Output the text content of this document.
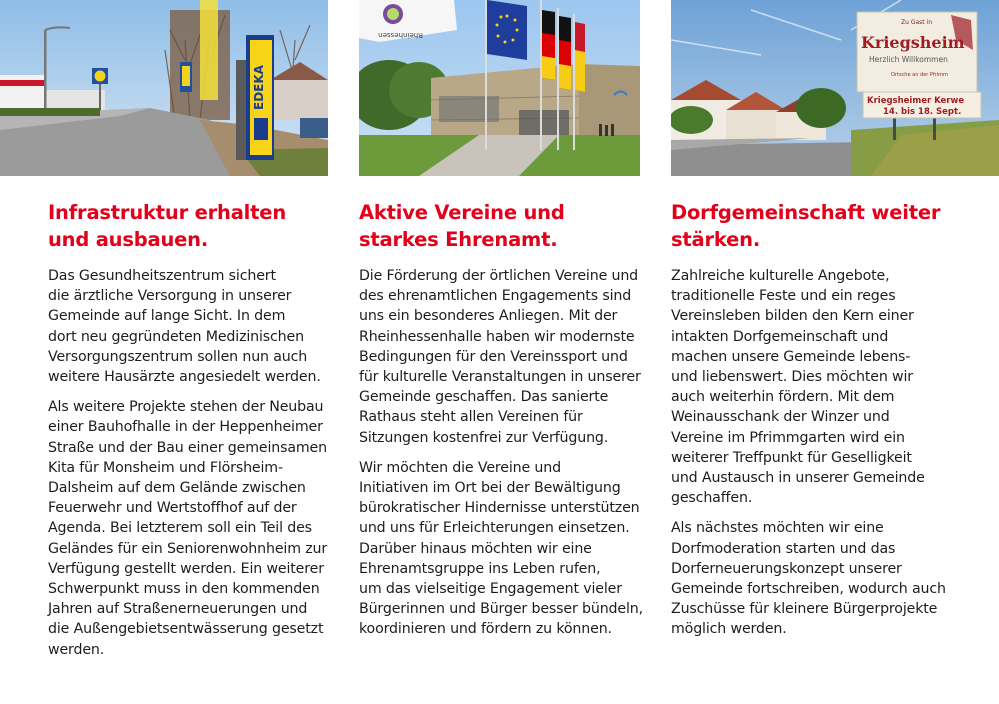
EDEKA
Rheinhessen
Zu Gast in
Kriegsheim
Herzlich Willkommen
Ortsche an der Pfrimm
Kriegsheimer Kerwe
14. bis 18. Sept.
Infrastruktur erhalten
und ausbauen.

Das Gesundheitszentrum sichert
die ärztliche Versorgung in unserer
Gemeinde auf lange Sicht. In dem
dort neu gegründeten Medizinischen
Versorgungszentrum sollen nun auch
weitere Hausärzte angesiedelt werden.

Als weitere Projekte stehen der Neubau
einer Bauhofhalle in der Heppenheimer
Straße und der Bau einer gemeinsamen
Kita für Monsheim und Flörsheim-
Dalsheim auf dem Gelände zwischen
Feuerwehr und Wertstoffhof auf der
Agenda. Bei letzterem soll ein Teil des
Geländes für ein Seniorenwohnheim zur
Verfügung gestellt werden. Ein weiterer
Schwerpunkt muss in den kommenden
Jahren auf Straßenerneuerungen und
die Außengebietsentwässerung gesetzt
werden.

Aktive Vereine und
starkes Ehrenamt.

Die Förderung der örtlichen Vereine und
des ehrenamtlichen Engagements sind
uns ein besonderes Anliegen. Mit der
Rheinhessenhalle haben wir modernste
Bedingungen für den Vereinssport und
für kulturelle Veranstaltungen in unserer
Gemeinde geschaffen. Das sanierte
Rathaus steht allen Vereinen für
Sitzungen kostenfrei zur Verfügung.

Wir möchten die Vereine und
Initiativen im Ort bei der Bewältigung
bürokratischer Hindernisse unterstützen
und uns für Erleichterungen einsetzen.
Darüber hinaus möchten wir eine
Ehrenamtsgruppe ins Leben rufen,
um das vielseitige Engagement vieler
Bürgerinnen und Bürger besser bündeln,
koordinieren und fördern zu können.

Dorfgemeinschaft weiter
stärken.

Zahlreiche kulturelle Angebote,
traditionelle Feste und ein reges
Vereinsleben bilden den Kern einer
intakten Dorfgemeinschaft und
machen unsere Gemeinde lebens-
und liebenswert. Dies möchten wir
auch weiterhin fördern. Mit dem
Weinausschank der Winzer und
Vereine im Pfrimmgarten wird ein
weiterer Treffpunkt für Geselligkeit
und Austausch in unserer Gemeinde
geschaffen.

Als nächstes möchten wir eine
Dorfmoderation starten und das
Dorferneuerungskonzept unserer
Gemeinde fortschreiben, wodurch auch
Zuschüsse für kleinere Bürgerprojekte
möglich werden.
